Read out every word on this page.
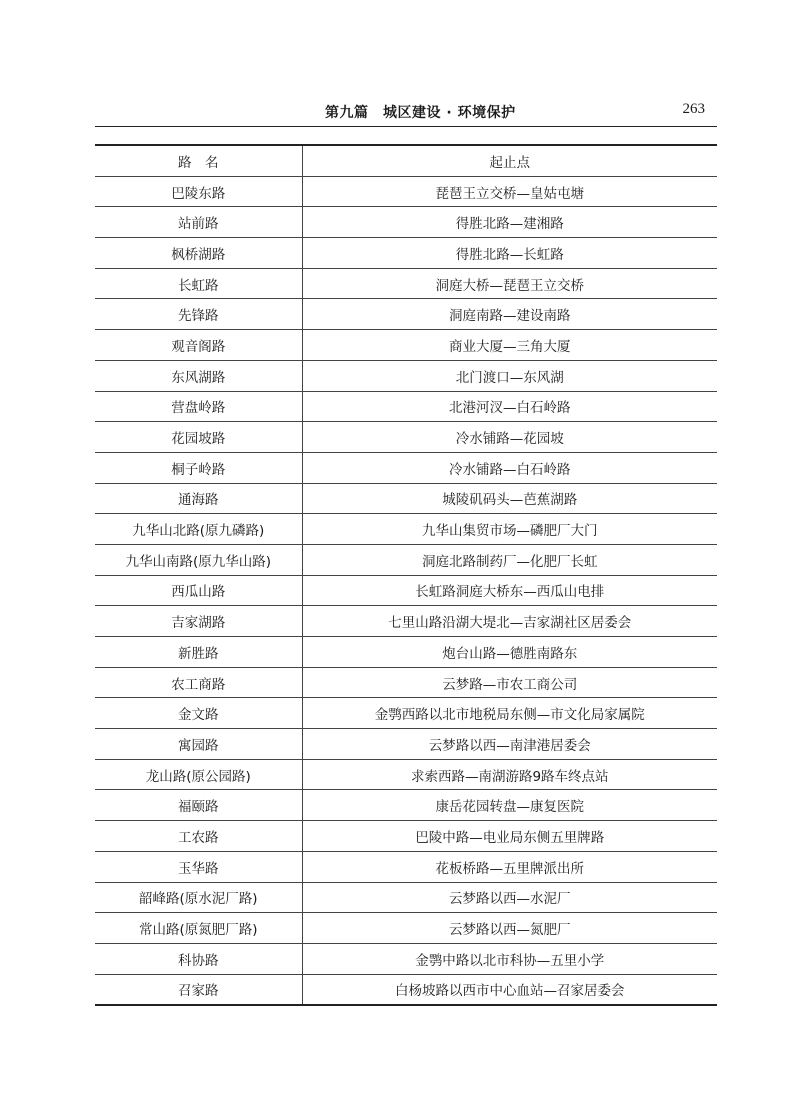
第九篇　城区建设 · 环境保护	263
路　名	起止点
巴陵东路	琵琶王立交桥—皇姑屯塘
站前路	得胜北路—建湘路
枫桥湖路	得胜北路—长虹路
长虹路	洞庭大桥—琵琶王立交桥
先锋路	洞庭南路—建设南路
观音阁路	商业大厦—三角大厦
东风湖路	北门渡口—东风湖
营盘岭路	北港河汊—白石岭路
花园坡路	冷水铺路—花园坡
桐子岭路	冷水铺路—白石岭路
通海路	城陵矶码头—芭蕉湖路
九华山北路(原九磷路)	九华山集贸市场—磷肥厂大门
九华山南路(原九华山路)	洞庭北路制药厂—化肥厂长虹
西瓜山路	长虹路洞庭大桥东—西瓜山电排
吉家湖路	七里山路沿湖大堤北—吉家湖社区居委会
新胜路	炮台山路—德胜南路东
农工商路	云梦路—市农工商公司
金文路	金鹗西路以北市地税局东侧—市文化局家属院
寓园路	云梦路以西—南津港居委会
龙山路(原公园路)	求索西路—南湖游路9路车终点站
福颐路	康岳花园转盘—康复医院
工农路	巴陵中路—电业局东侧五里牌路
玉华路	花板桥路—五里牌派出所
韶峰路(原水泥厂路)	云梦路以西—水泥厂
常山路(原氮肥厂路)	云梦路以西—氮肥厂
科协路	金鹗中路以北市科协—五里小学
召家路	白杨坡路以西市中心血站—召家居委会
